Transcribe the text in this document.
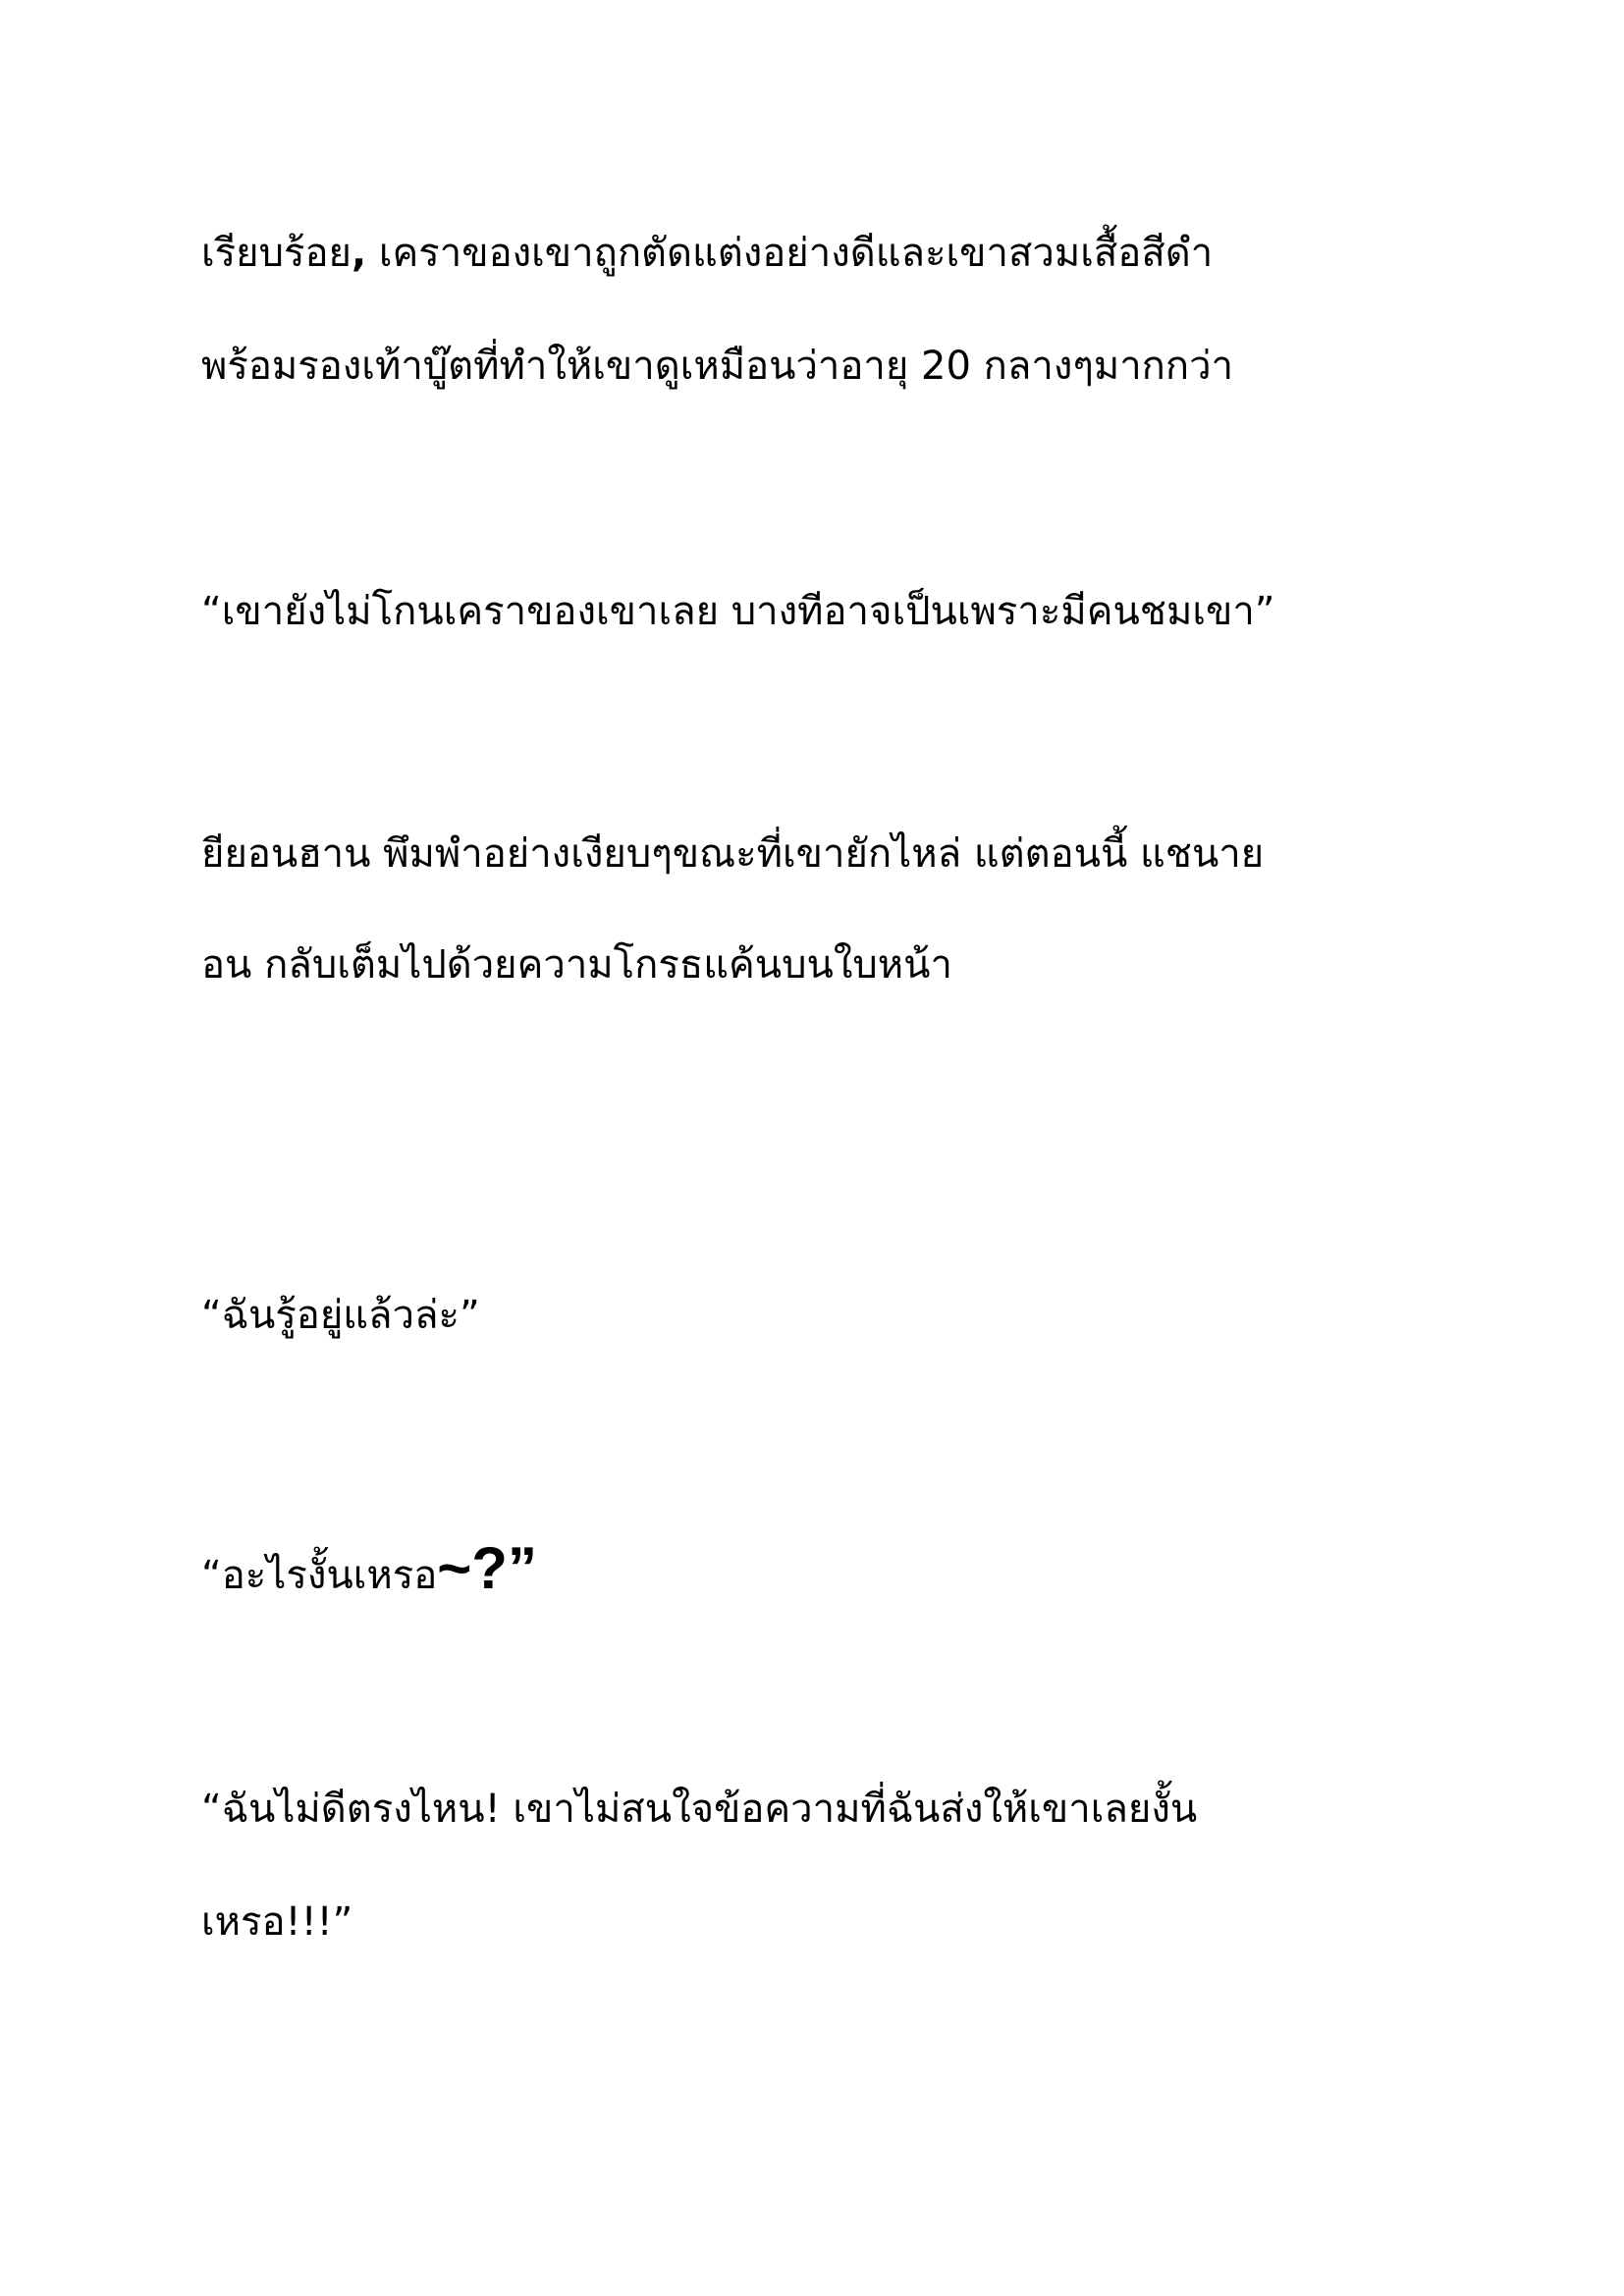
เรียบร้อย, เคราของเขาถูกตัดแต่งอย่างดีและเขาสวมเสื้อสีดำ

พร้อมรองเท้าบู๊ตที่ทำให้เขาดูเหมือนว่าอายุ 20 กลางๆมากกว่า

“เขายังไม่โกนเคราของเขาเลย บางทีอาจเป็นเพราะมีคนชมเขา”

ยียอนฮาน พึมพำอย่างเงียบๆขณะที่เขายักไหล่ แต่ตอนนี้ แชนาย

อน กลับเต็มไปด้วยความโกรธแค้นบนใบหน้า

“ฉันรู้อยู่แล้วล่ะ”

“อะไรงั้นเหรอ~?”

“ฉันไม่ดีตรงไหน! เขาไม่สนใจข้อความที่ฉันส่งให้เขาเลยงั้น

เหรอ!!!”
